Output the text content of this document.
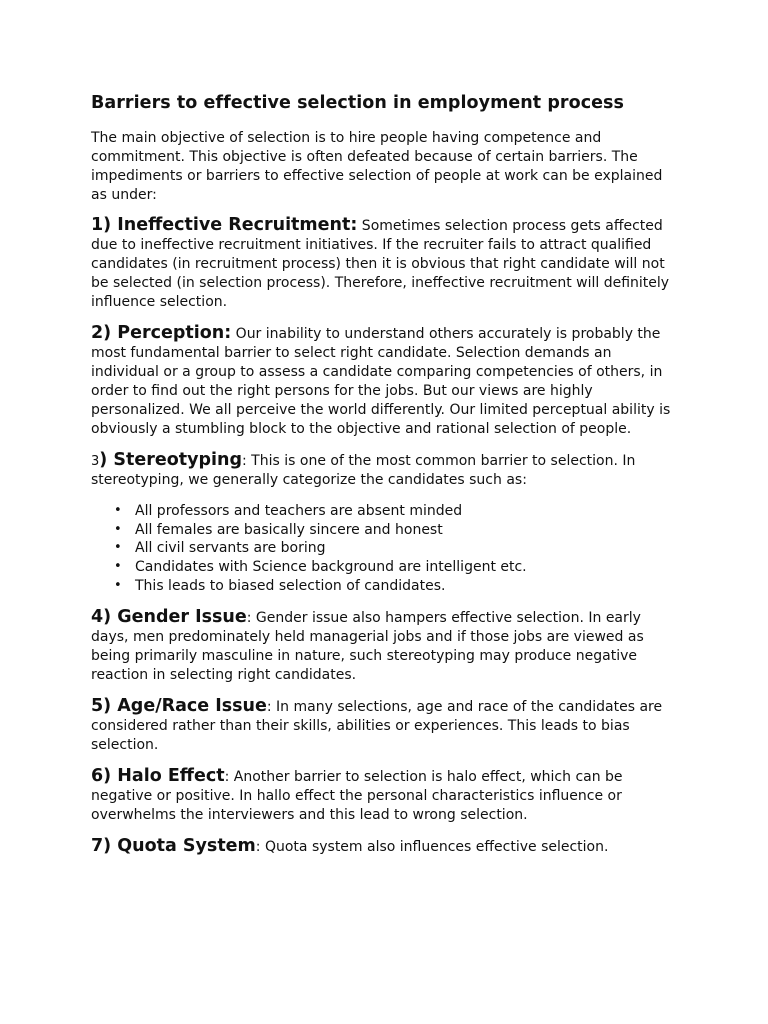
Barriers to effective selection in employment process

The main objective of selection is to hire people having competence and commitment. This objective is often defeated because of certain barriers. The impediments or barriers to effective selection of people at work can be explained as under:

1) Ineffective Recruitment: Sometimes selection process gets affected due to ineffective recruitment initiatives. If the recruiter fails to attract qualified candidates (in recruitment process) then it is obvious that right candidate will not be selected (in selection process). Therefore, ineffective recruitment will definitely influence selection.

2) Perception: Our inability to understand others accurately is probably the most fundamental barrier to select right candidate. Selection demands an individual or a group to assess a candidate comparing competencies of others, in order to find out the right persons for the jobs. But our views are highly personalized. We all perceive the world differently. Our limited perceptual ability is obviously a stumbling block to the objective and rational selection of people.

3) Stereotyping: This is one of the most common barrier to selection. In stereotyping, we generally categorize the candidates such as:

• All professors and teachers are absent minded
• All females are basically sincere and honest
• All civil servants are boring
• Candidates with Science background are intelligent etc.
• This leads to biased selection of candidates.

4) Gender Issue: Gender issue also hampers effective selection. In early days, men predominately held managerial jobs and if those jobs are viewed as being primarily masculine in nature, such stereotyping may produce negative reaction in selecting right candidates.

5) Age/Race Issue: In many selections, age and race of the candidates are considered rather than their skills, abilities or experiences. This leads to bias selection.

6) Halo Effect: Another barrier to selection is halo effect, which can be negative or positive. In hallo effect the personal characteristics influence or overwhelms the interviewers and this lead to wrong selection.

7) Quota System: Quota system also influences effective selection.
